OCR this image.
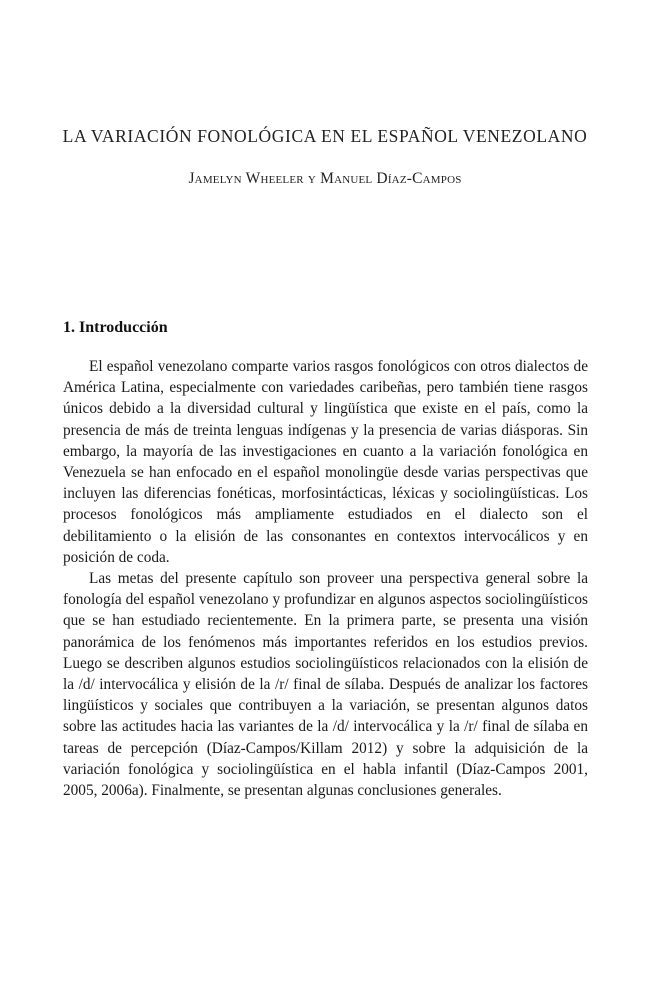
LA VARIACIÓN FONOLÓGICA EN EL ESPAÑOL VENEZOLANO

Jamelyn Wheeler y Manuel Díaz-Campos

1. Introducción

El español venezolano comparte varios rasgos fonológicos con otros dialectos de América Latina, especialmente con variedades caribeñas, pero también tiene rasgos únicos debido a la diversidad cultural y lingüística que existe en el país, como la presencia de más de treinta lenguas indígenas y la presencia de varias diásporas. Sin embargo, la mayoría de las investigaciones en cuanto a la variación fonológica en Venezuela se han enfocado en el español monolingüe desde varias perspectivas que incluyen las diferencias fonéticas, morfosintácticas, léxicas y sociolingüísticas. Los procesos fonológicos más ampliamente estudiados en el dialecto son el debilitamiento o la elisión de las consonantes en contextos intervocálicos y en posición de coda.

Las metas del presente capítulo son proveer una perspectiva general sobre la fonología del español venezolano y profundizar en algunos aspectos sociolingüísticos que se han estudiado recientemente. En la primera parte, se presenta una visión panorámica de los fenómenos más importantes referidos en los estudios previos. Luego se describen algunos estudios sociolingüísticos relacionados con la elisión de la /d/ intervocálica y elisión de la /r/ final de sílaba. Después de analizar los factores lingüísticos y sociales que contribuyen a la variación, se presentan algunos datos sobre las actitudes hacia las variantes de la /d/ intervocálica y la /r/ final de sílaba en tareas de percepción (Díaz-Campos/Killam 2012) y sobre la adquisición de la variación fonológica y sociolingüística en el habla infantil (Díaz-Campos 2001, 2005, 2006a). Finalmente, se presentan algunas conclusiones generales.
